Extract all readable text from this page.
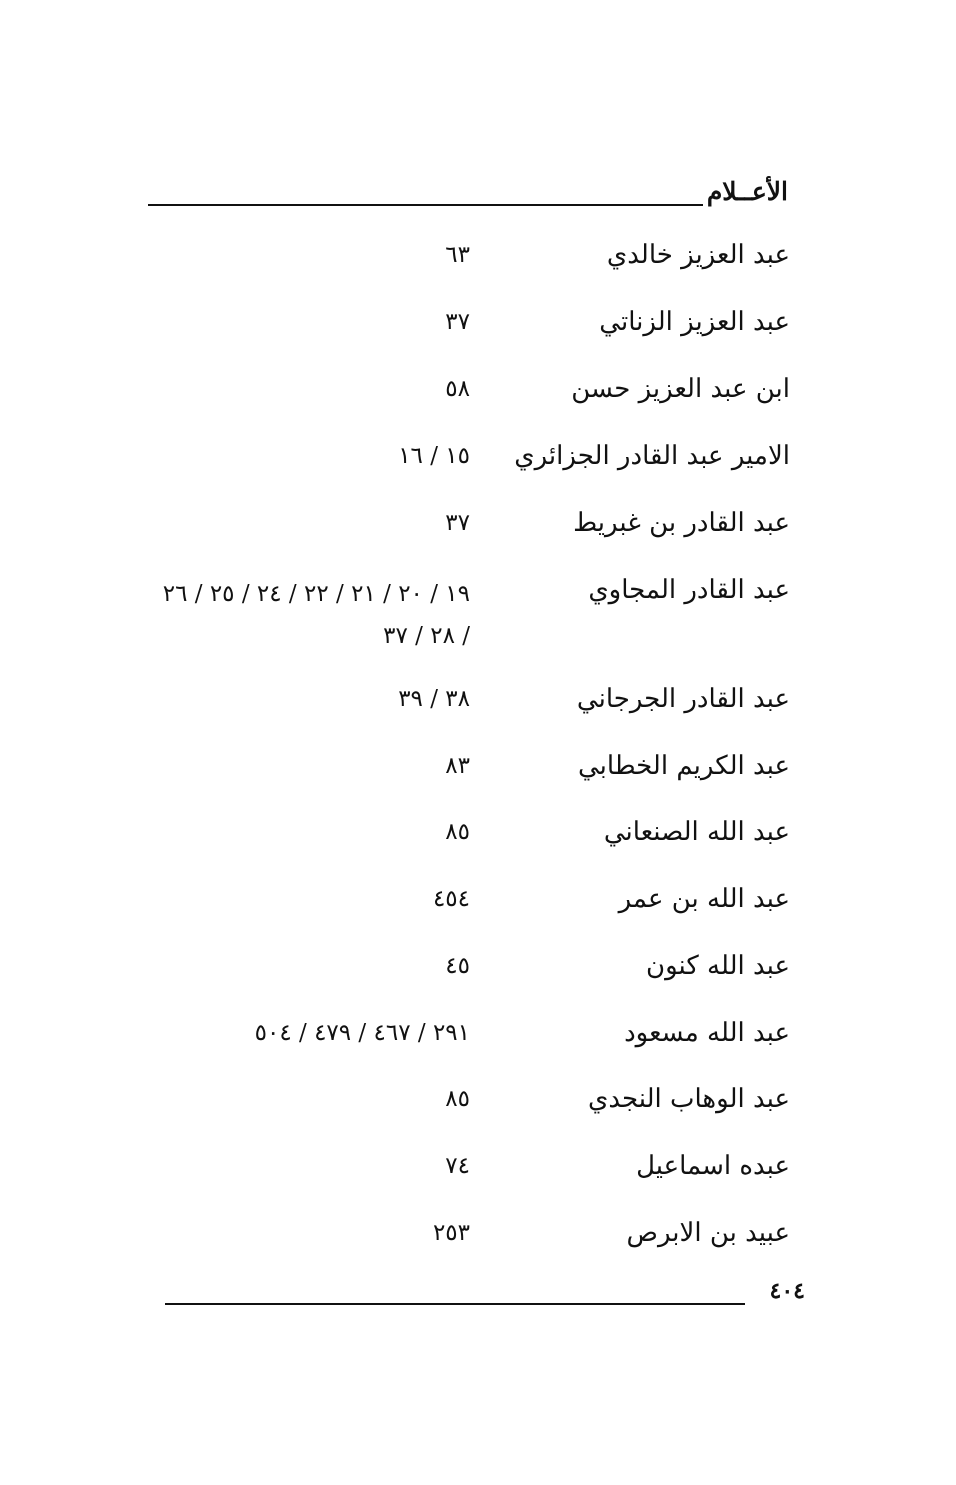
الأعــلام
عبد العزيز خالدي
٦٣
عبد العزيز الزناتي
٣٧
ابن عبد العزيز حسن
٥٨
الامير عبد القادر الجزائري
١٥ / ١٦
عبد القادر بن غبريط
٣٧
عبد القادر المجاوي
١٩ / ٢٠ / ٢١ / ٢٢ / ٢٤ / ٢٥ / ٢٦ / ٢٨ / ٣٧
عبد القادر الجرجاني
٣٨ / ٣٩
عبد الكريم الخطابي
٨٣
عبد الله الصنعاني
٨٥
عبد الله بن عمر
٤٥٤
عبد الله كنون
٤٥
عبد الله مسعود
٢٩١ / ٤٦٧ / ٤٧٩ / ٥٠٤
عبد الوهاب النجدي
٨٥
عبده اسماعيل
٧٤
عبيد بن الابرص
٢٥٣
٤٠٤
